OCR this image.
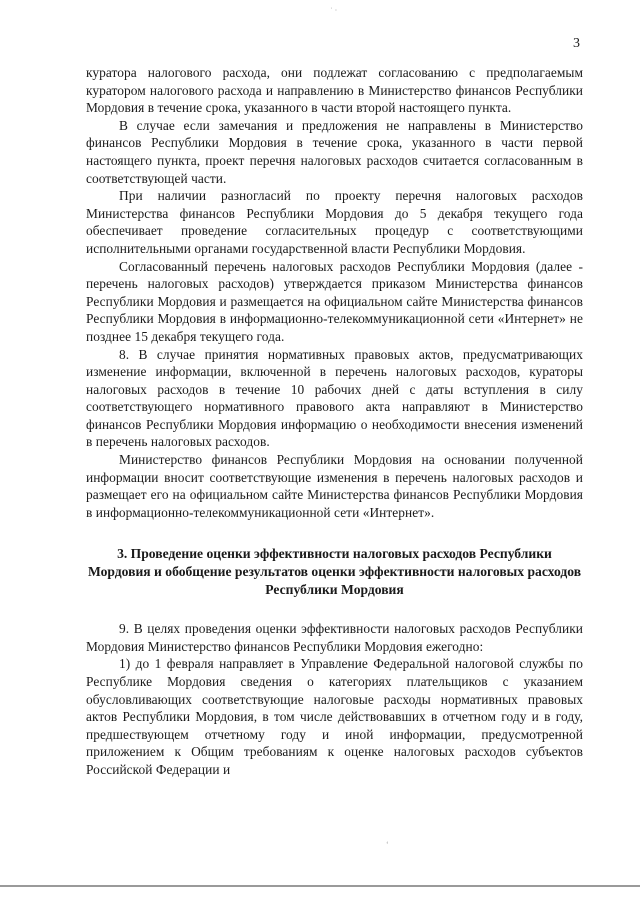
˙ ·
ʻ
3

куратора налогового расхода, они подлежат согласованию с предполагаемым куратором налогового расхода и направлению в Министерство финансов Республики Мордовия в течение срока, указанного в части второй настоящего пункта.

В случае если замечания и предложения не направлены в Министерство финансов Республики Мордовия в течение срока, указанного в части первой настоящего пункта, проект перечня налоговых расходов считается согласованным в соответствующей части.

При наличии разногласий по проекту перечня налоговых расходов Министерства финансов Республики Мордовия до 5 декабря текущего года обеспечивает проведение согласительных процедур с соответствующими исполнительными органами государственной власти Республики Мордовия.

Согласованный перечень налоговых расходов Республики Мордовия (далее - перечень налоговых расходов) утверждается приказом Министерства финансов Республики Мордовия и размещается на официальном сайте Министерства финансов Республики Мордовия в информационно-телекоммуникационной сети «Интернет» не позднее 15 декабря текущего года.

8. В случае принятия нормативных правовых актов, предусматривающих изменение информации, включенной в перечень налоговых расходов, кураторы налоговых расходов в течение 10 рабочих дней с даты вступления в силу соответствующего нормативного правового акта направляют в Министерство финансов Республики Мордовия информацию о необходимости внесения изменений в перечень налоговых расходов.

Министерство финансов Республики Мордовия на основании полученной информации вносит соответствующие изменения в перечень налоговых расходов и размещает его на официальном сайте Министерства финансов Республики Мордовия в информационно-телекоммуникационной сети «Интернет».

3. Проведение оценки эффективности налоговых расходов Республики Мордовия и обобщение результатов оценки эффективности налоговых расходов Республики Мордовия

9. В целях проведения оценки эффективности налоговых расходов Республики Мордовия Министерство финансов Республики Мордовия ежегодно:

1) до 1 февраля направляет в Управление Федеральной налоговой службы по Республике Мордовия сведения о категориях плательщиков с указанием обусловливающих соответствующие налоговые расходы нормативных правовых актов Республики Мордовия, в том числе действовавших в отчетном году и в году, предшествующем отчетному году и иной информации, предусмотренной приложением к Общим требованиям к оценке налоговых расходов субъектов Российской Федерации и
